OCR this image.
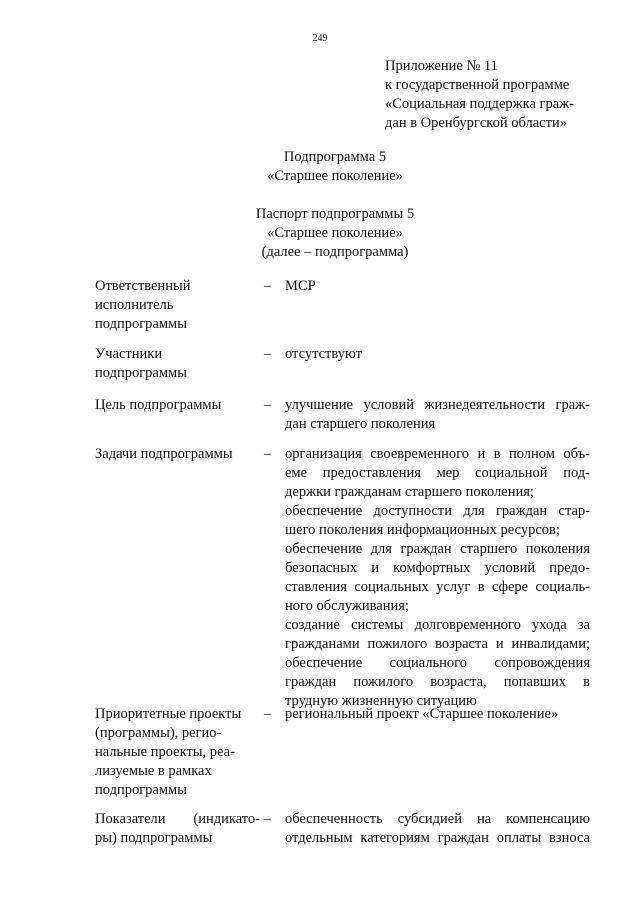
249
Приложение № 11
к государственной программе
«Социальная поддержка граж-
дан в Оренбургской области»
Подпрограмма 5
«Старшее поколение»
Паспорт подпрограммы 5
«Старшее поколение»
(далее – подпрограмма)
Ответственный
исполнитель
подпрограммы
– МСР
Участники
подпрограммы
– отсутствуют
Цель подпрограммы	– улучшение условий жизнедеятельности граж-
дан старшего поколения
Задачи подпрограммы	– организация своевременного и в полном объ-
еме предоставления мер социальной под-
держки гражданам старшего поколения;
обеспечение доступности для граждан стар-
шего поколения информационных ресурсов;
обеспечение для граждан старшего поколения
безопасных и комфортных условий предо-
ставления социальных услуг в сфере социаль-
ного обслуживания;
создание системы долговременного ухода за
гражданами пожилого возраста и инвалидами;
обеспечение социального сопровождения
граждан пожилого возраста, попавших в
трудную жизненную ситуацию
Приоритетные проекты
(программы), регио-
нальные проекты, реа-
лизуемые в рамках
подпрограммы
– региональный проект «Старшее поколение»
Показатели (индикато-
ры) подпрограммы
– обеспеченность субсидией на компенсацию
отдельным категориям граждан оплаты взноса
